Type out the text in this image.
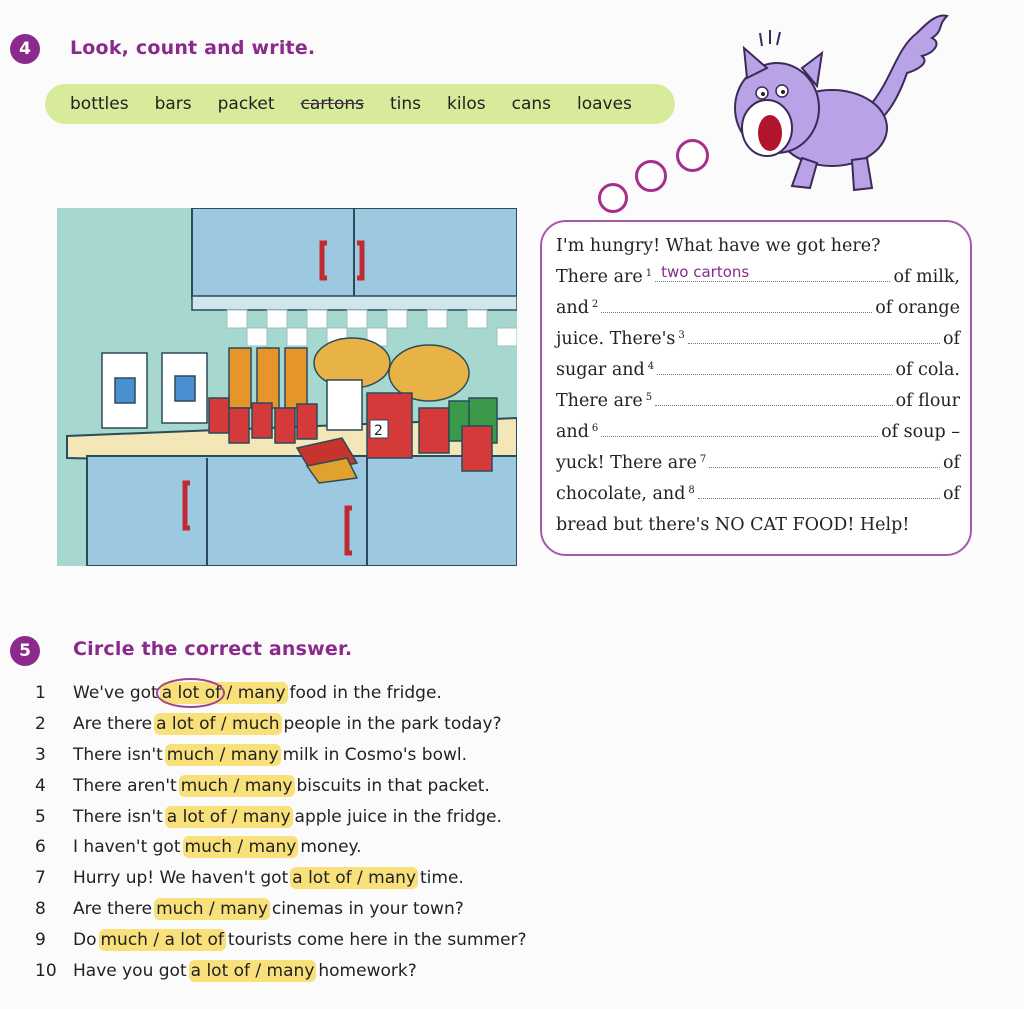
4	Look, count and write.
bottles bars packet cartons tins kilos cans loaves
2
I'm hungry! What have we got here?
There are $^1$ two cartons	of milk,
and $^2$	of orange
juice. There's $^3$	of
sugar and $^4$	of cola.
There are $^5$	of flour
and $^6$	of soup –
yuck! There are $^7$	of
chocolate, and $^8$	of
bread but there's NO CAT FOOD! Help!
5	Circle the correct answer.
1	We've got a lot of / many food in the fridge.
2	Are there a lot of / much people in the park today?
3	There isn't much / many milk in Cosmo's bowl.
4	There aren't much / many biscuits in that packet.
5	There isn't a lot of / many apple juice in the fridge.
6	I haven't got much / many money.
7	Hurry up! We haven't got a lot of / many time.
8	Are there much / many cinemas in your town?
9	Do much / a lot of tourists come here in the summer?
10 Have you got a lot of / many homework?
